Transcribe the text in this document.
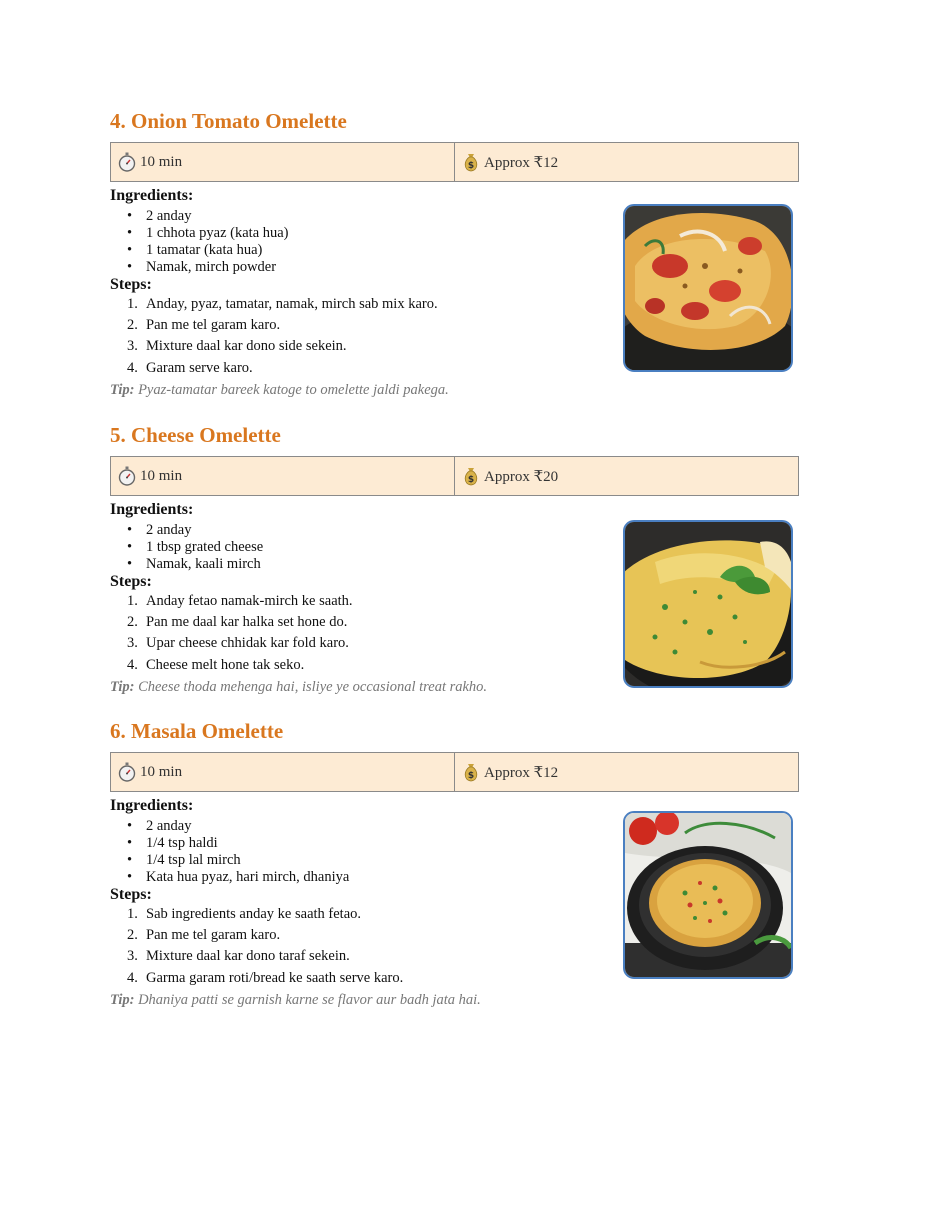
4. Onion Tomato Omelette
10 min	$ Approx ₹12
Ingredients:
• 2 anday
• 1 chhota pyaz (kata hua)
• 1 tamatar (kata hua)
• Namak, mirch powder
Steps:
Anday, pyaz, tamatar, namak, mirch sab mix karo.
Pan me tel garam karo.
Mixture daal kar dono side sekein.
Garam serve karo.
Tip: Pyaz-tamatar bareek katoge to omelette jaldi pakega.
5. Cheese Omelette
10 min	$ Approx ₹20
Ingredients:
• 2 anday
• 1 tbsp grated cheese
• Namak, kaali mirch
Steps:
Anday fetao namak-mirch ke saath.
Pan me daal kar halka set hone do.
Upar cheese chhidak kar fold karo.
Cheese melt hone tak seko.
Tip: Cheese thoda mehenga hai, isliye ye occasional treat rakho.
6. Masala Omelette
10 min	$ Approx ₹12
Ingredients:
• 2 anday
• 1/4 tsp haldi
• 1/4 tsp lal mirch
• Kata hua pyaz, hari mirch, dhaniya
Steps:
Sab ingredients anday ke saath fetao.
Pan me tel garam karo.
Mixture daal kar dono taraf sekein.
Garma garam roti/bread ke saath serve karo.
Tip: Dhaniya patti se garnish karne se flavor aur badh jata hai.
